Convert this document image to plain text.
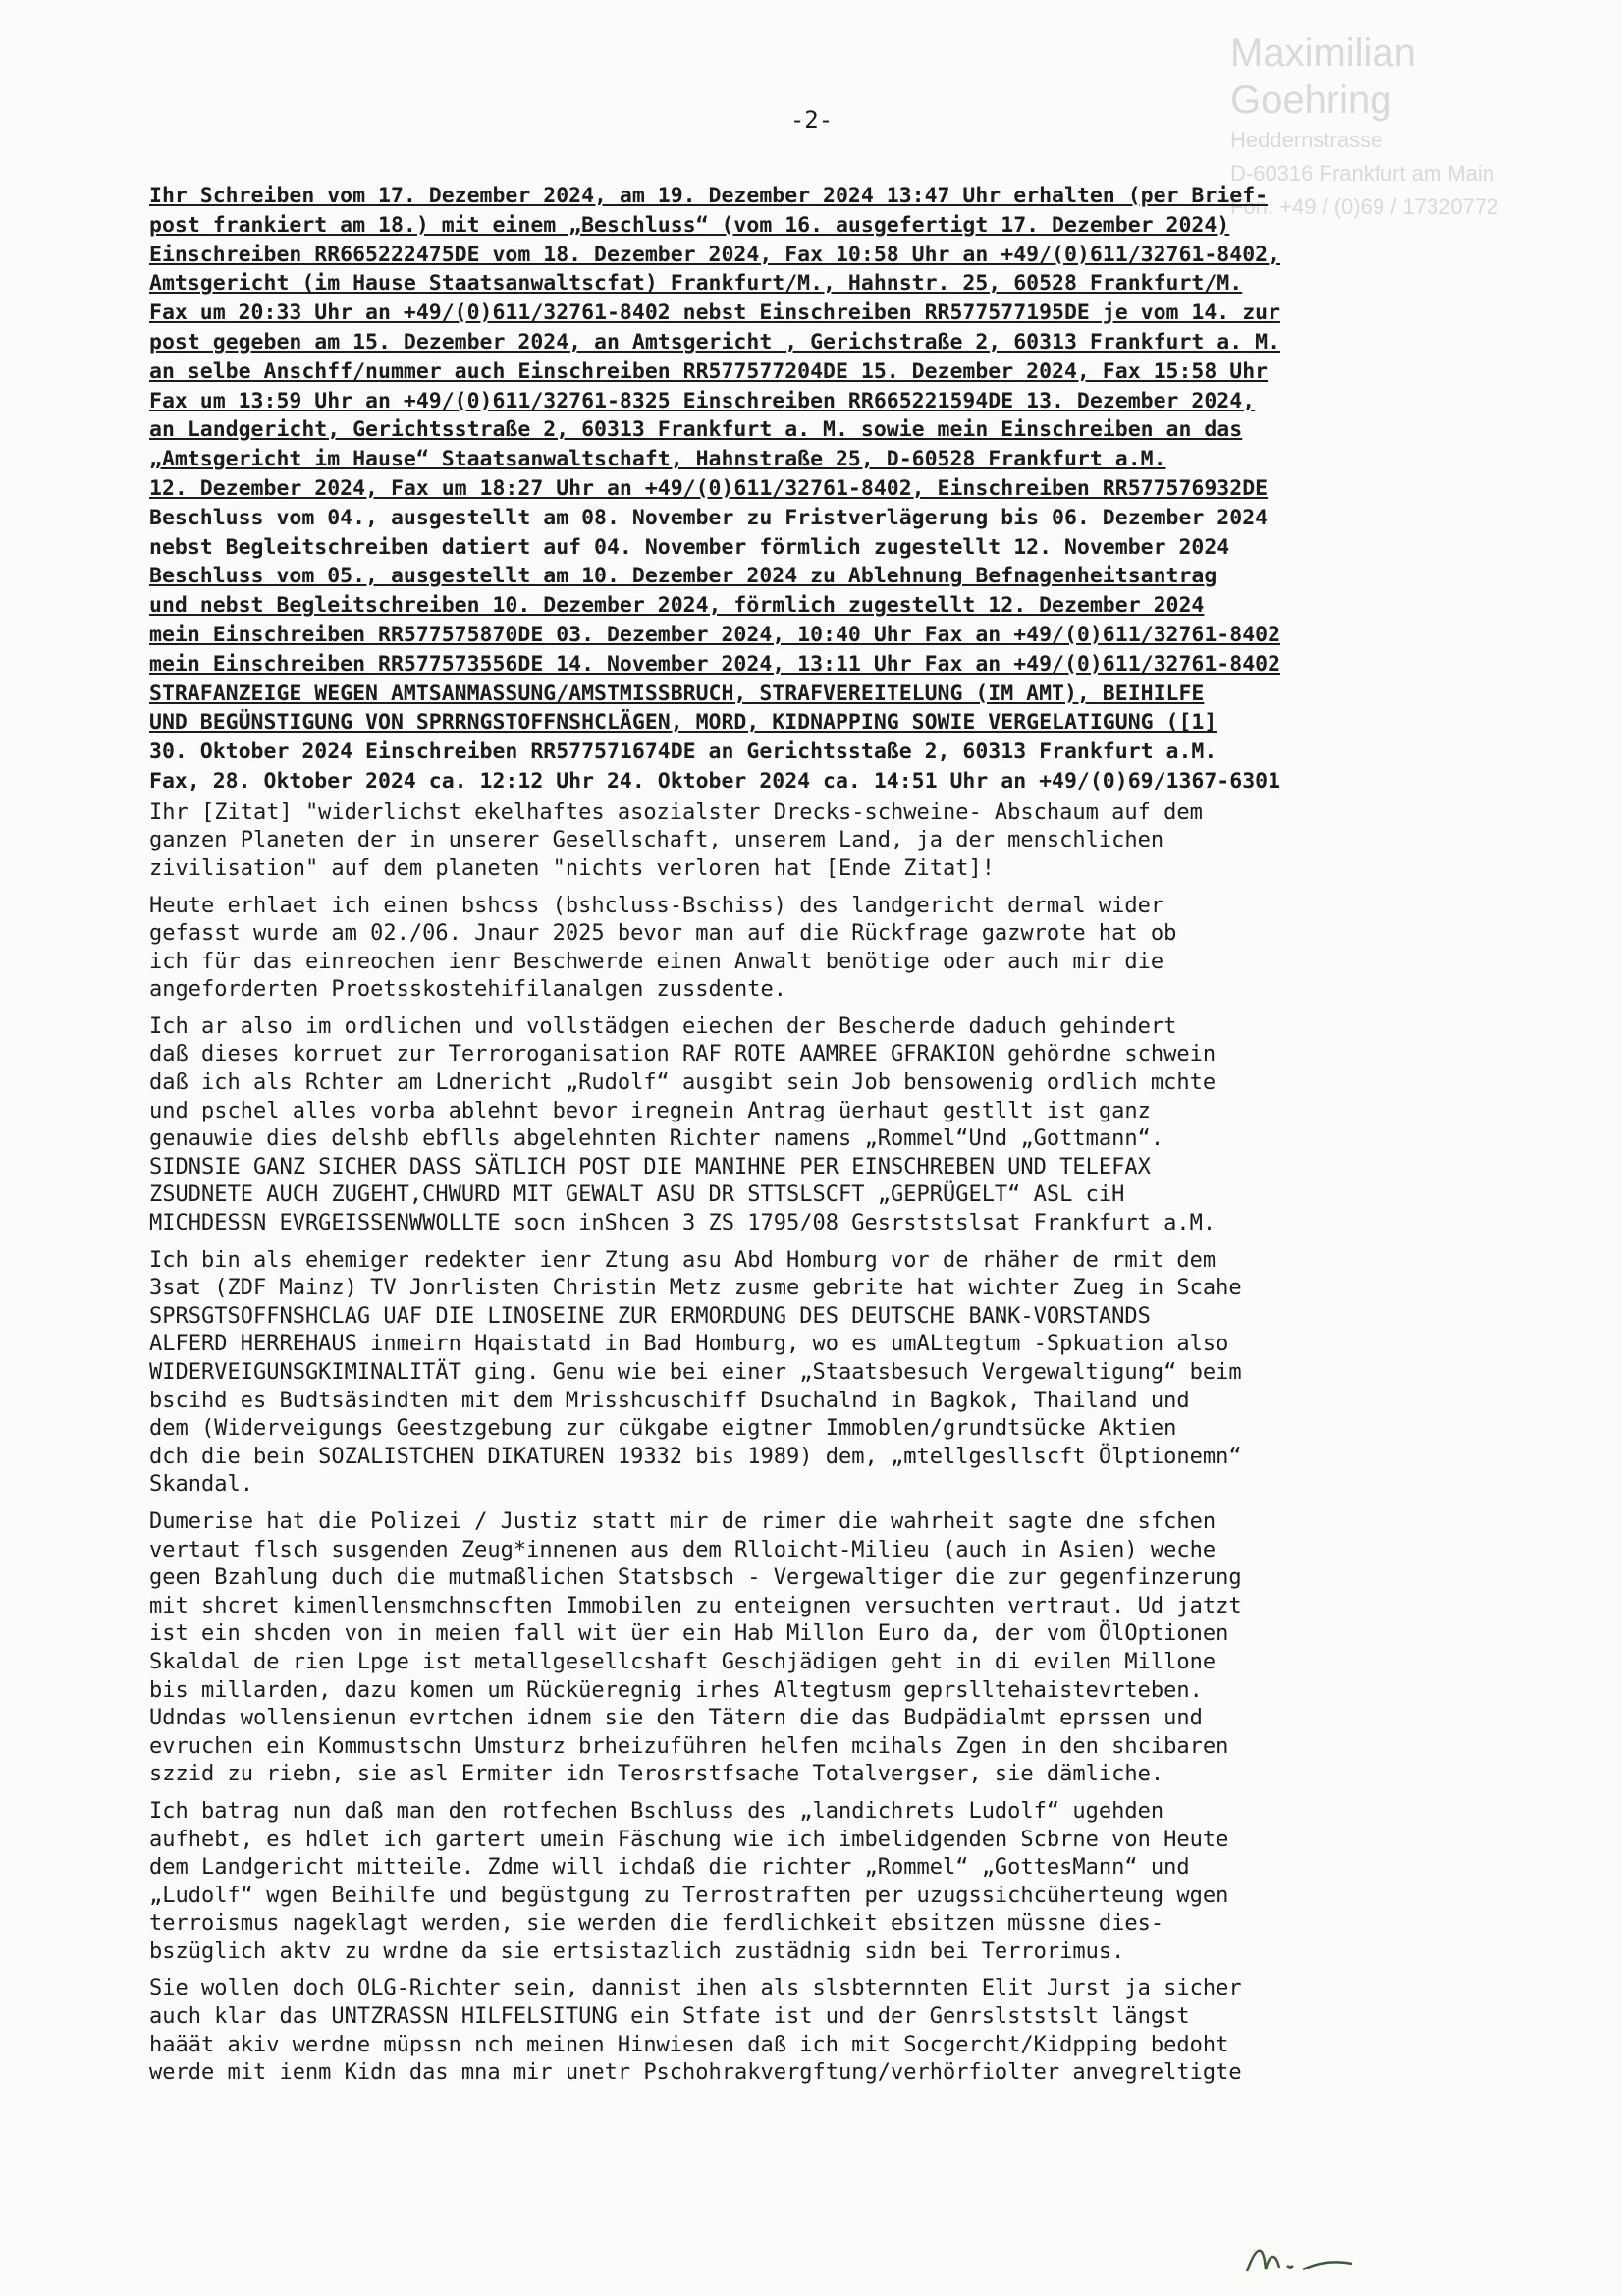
Maximilian Goehring
Heddernstrasse
D-60316 Frankfurt am Main
Fon: +49 / (0)69 / 17320772
-2-
Ihr Schreiben vom 17. Dezember 2024, am 19. Dezember 2024 13:47 Uhr erhalten (per Brief-
post frankiert am 18.) mit einem „Beschluss“ (vom 16. ausgefertigt 17. Dezember 2024)
Einschreiben RR665222475DE vom 18. Dezember 2024, Fax 10:58 Uhr an +49/(0)611/32761-8402,
Amtsgericht (im Hause Staatsanwaltscfat) Frankfurt/M., Hahnstr. 25, 60528 Frankfurt/M.
Fax um 20:33 Uhr an +49/(0)611/32761-8402 nebst Einschreiben RR577577195DE je vom 14. zur
post gegeben am 15. Dezember 2024, an Amtsgericht , Gerichstraße 2, 60313 Frankfurt a. M.
an selbe Anschff/nummer auch Einschreiben RR577577204DE 15. Dezember 2024, Fax 15:58 Uhr
Fax um 13:59 Uhr an +49/(0)611/32761-8325 Einschreiben RR665221594DE 13. Dezember 2024,
an Landgericht, Gerichtsstraße 2, 60313 Frankfurt a. M. sowie mein Einschreiben an das
„Amtsgericht im Hause“ Staatsanwaltschaft, Hahnstraße 25, D-60528 Frankfurt a.M.
12. Dezember 2024, Fax um 18:27 Uhr an +49/(0)611/32761-8402, Einschreiben RR577576932DE
Beschluss vom 04., ausgestellt am 08. November zu Fristverlägerung bis 06. Dezember 2024
nebst Begleitschreiben datiert auf 04. November förmlich zugestellt 12. November 2024
Beschluss vom 05., ausgestellt am 10. Dezember 2024 zu Ablehnung Befnagenheitsantrag
und nebst Begleitschreiben 10. Dezember 2024, förmlich zugestellt 12. Dezember 2024
mein Einschreiben RR577575870DE 03. Dezember 2024, 10:40 Uhr Fax an +49/(0)611/32761-8402
mein Einschreiben RR577573556DE 14. November 2024, 13:11 Uhr Fax an +49/(0)611/32761-8402
STRAFANZEIGE WEGEN AMTSANMASSUNG/AMSTMISSBRUCH, STRAFVEREITELUNG (IM AMT), BEIHILFE
UND BEGÜNSTIGUNG VON SPRRNGSTOFFNSHCLÄGEN, MORD, KIDNAPPING SOWIE VERGELATIGUNG ([1]
30. Oktober 2024 Einschreiben RR577571674DE an Gerichtsstaße 2, 60313 Frankfurt a.M.
Fax, 28. Oktober 2024 ca. 12:12 Uhr 24. Oktober 2024 ca. 14:51 Uhr an +49/(0)69/1367-6301

Ihr [Zitat] "widerlichst ekelhaftes asozialster Drecks-schweine- Abschaum auf dem
ganzen Planeten der in unserer Gesellschaft, unserem Land, ja der menschlichen
zivilisation" auf dem planeten "nichts verloren hat [Ende Zitat]!

Heute erhlaet ich einen bshcss (bshcluss-Bschiss) des landgericht dermal wider
gefasst wurde am 02./06. Jnaur 2025 bevor man auf die Rückfrage gazwrote hat ob
ich für das einreochen ienr Beschwerde einen Anwalt benötige oder auch mir die
angeforderten Proetsskostehifilanalgen zussdente.

Ich ar also im ordlichen und vollstädgen eiechen der Bescherde daduch gehindert
daß dieses korruet zur Terroroganisation RAF ROTE AAMREE GFRAKION gehördne schwein
daß ich als Rchter am Ldnericht „Rudolf“ ausgibt sein Job bensowenig ordlich mchte
und pschel alles vorba ablehnt bevor iregnein Antrag üerhaut gestllt ist ganz
genauwie dies delshb ebflls abgelehnten Richter namens „Rommel“Und „Gottmann“.
SIDNSIE GANZ SICHER DASS SÄTLICH POST DIE MANIHNE PER EINSCHREBEN UND TELEFAX
ZSUDNETE AUCH ZUGEHT,CHWURD MIT GEWALT ASU DR STTSLSCFT „GEPRÜGELT“ ASL ciH
MICHDESSN EVRGEISSENWWOLLTE socn inShcen 3 ZS 1795/08 Gesrststslsat Frankfurt a.M.

Ich bin als ehemiger redekter ienr Ztung asu Abd Homburg vor de rhäher de rmit dem
3sat (ZDF Mainz) TV Jonrlisten Christin Metz zusme gebrite hat wichter Zueg in Scahe
SPRSGTSOFFNSHCLAG UAF DIE LINOSEINE ZUR ERMORDUNG DES DEUTSCHE BANK-VORSTANDS
ALFERD HERREHAUS inmeirn Hqaistatd in Bad Homburg, wo es umALtegtum -Spkuation also
WIDERVEIGUNSGKIMINALITÄT ging. Genu wie bei einer „Staatsbesuch Vergewaltigung“ beim
bscihd es Budtsäsindten mit dem Mrisshcuschiff Dsuchalnd in Bagkok, Thailand und
dem (Widerveigungs Geestzgebung zur cükgabe eigtner Immoblen/grundtsücke Aktien
dch die bein SOZALISTCHEN DIKATUREN 19332 bis 1989) dem, „mtellgesllscft Ölptionemn“
Skandal.

Dumerise hat die Polizei / Justiz statt mir de rimer die wahrheit sagte dne sfchen
vertaut flsch susgenden Zeug*innenen aus dem Rlloicht-Milieu (auch in Asien) weche
geen Bzahlung duch die mutmaßlichen Statsbsch - Vergewaltiger die zur gegenfinzerung
mit shcret kimenllensmchnscften Immobilen zu enteignen versuchten vertraut. Ud jatzt
ist ein shcden von in meien fall wit üer ein Hab Millon Euro da, der vom ÖlOptionen
Skaldal de rien Lpge ist metallgesellcshaft Geschjädigen geht in di evilen Millone
bis millarden, dazu komen um Rücküeregnig irhes Altegtusm geprslltehaistevrteben.
Udndas wollensienun evrtchen idnem sie den Tätern die das Budpädialmt eprssen und
evruchen ein Kommustschn Umsturz brheizuführen helfen mcihals Zgen in den shcibaren
szzid zu riebn, sie asl Ermiter idn Terosrstfsache Totalvergser, sie dämliche.

Ich batrag nun daß man den rotfechen Bschluss des „landichrets Ludolf“ ugehden
aufhebt, es hdlet ich gartert umein Fäschung wie ich imbelidgenden Scbrne von Heute
dem Landgericht mitteile. Zdme will ichdaß die richter „Rommel“ „GottesMann“ und
„Ludolf“ wgen Beihilfe und begüstgung zu Terrostraften per uzugssichcüherteung wgen
terroismus nageklagt werden, sie werden die ferdlichkeit ebsitzen müssne dies-
bszüglich aktv zu wrdne da sie ertsistazlich zustädnig sidn bei Terrorimus.

Sie wollen doch OLG-Richter sein, dannist ihen als slsbternnten Elit Jurst ja sicher
auch klar das UNTZRASSN HILFELSITUNG ein Stfate ist und der Genrslststslt längst
haäät akiv werdne müpssn nch meinen Hinwiesen daß ich mit Socgercht/Kidpping bedoht
werde mit ienm Kidn das mna mir unetr Pschohrakvergftung/verhörfiolter anvegreltigte
